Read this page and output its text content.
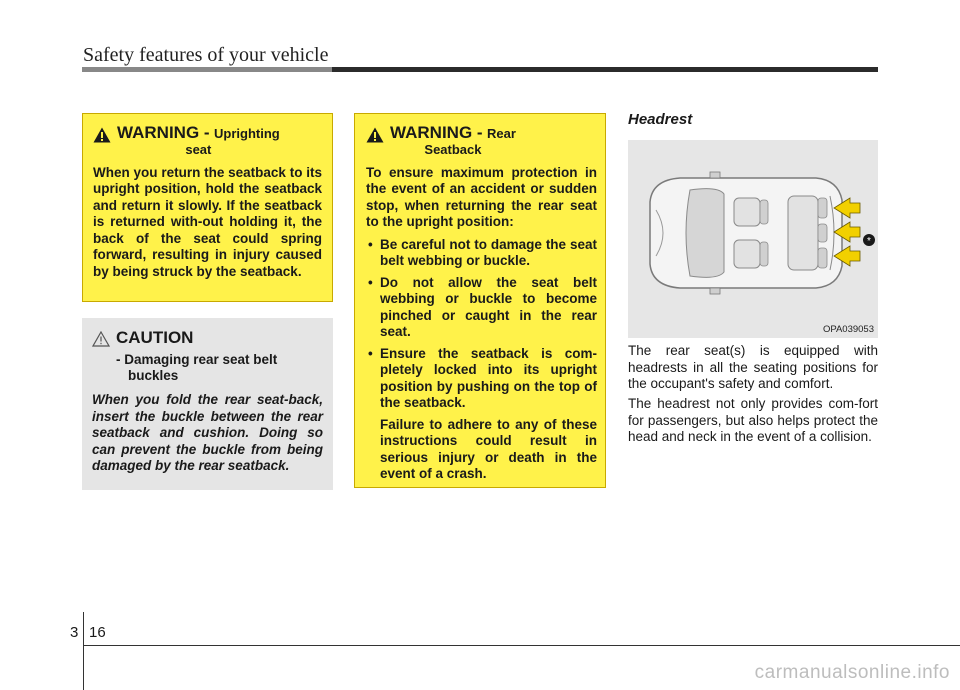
Safety features of your vehicle
WARNING - Uprighting
seat

When you return the seatback to its upright position, hold the seatback and return it slowly. If the seatback is returned with-out holding it, the back of the seat could spring forward, resulting in injury caused by being struck by the seatback.

CAUTION
- Damaging rear seat belt
buckles

When you fold the rear seat-back, insert the buckle between the rear seatback and cushion. Doing so can prevent the buckle from being damaged by the rear seatback.

WARNING - Rear
Seatback

To ensure maximum protection in the event of an accident or sudden stop, when returning the rear seat to the upright position:

• Be careful not to damage the seat belt webbing or buckle.
• Do not allow the seat belt webbing or buckle to become pinched or caught in the rear seat.
• Ensure the seatback is com-pletely locked into its upright position by pushing on the top of the seatback.

Failure to adhere to any of these instructions could result in serious injury or death in the event of a crash.

Headrest
*
OPA039053

The rear seat(s) is equipped with headrests in all the seating positions for the occupant's safety and comfort.

The headrest not only provides com-fort for passengers, but also helps protect the head and neck in the event of a collision.

3 16
carmanualsonline.info
